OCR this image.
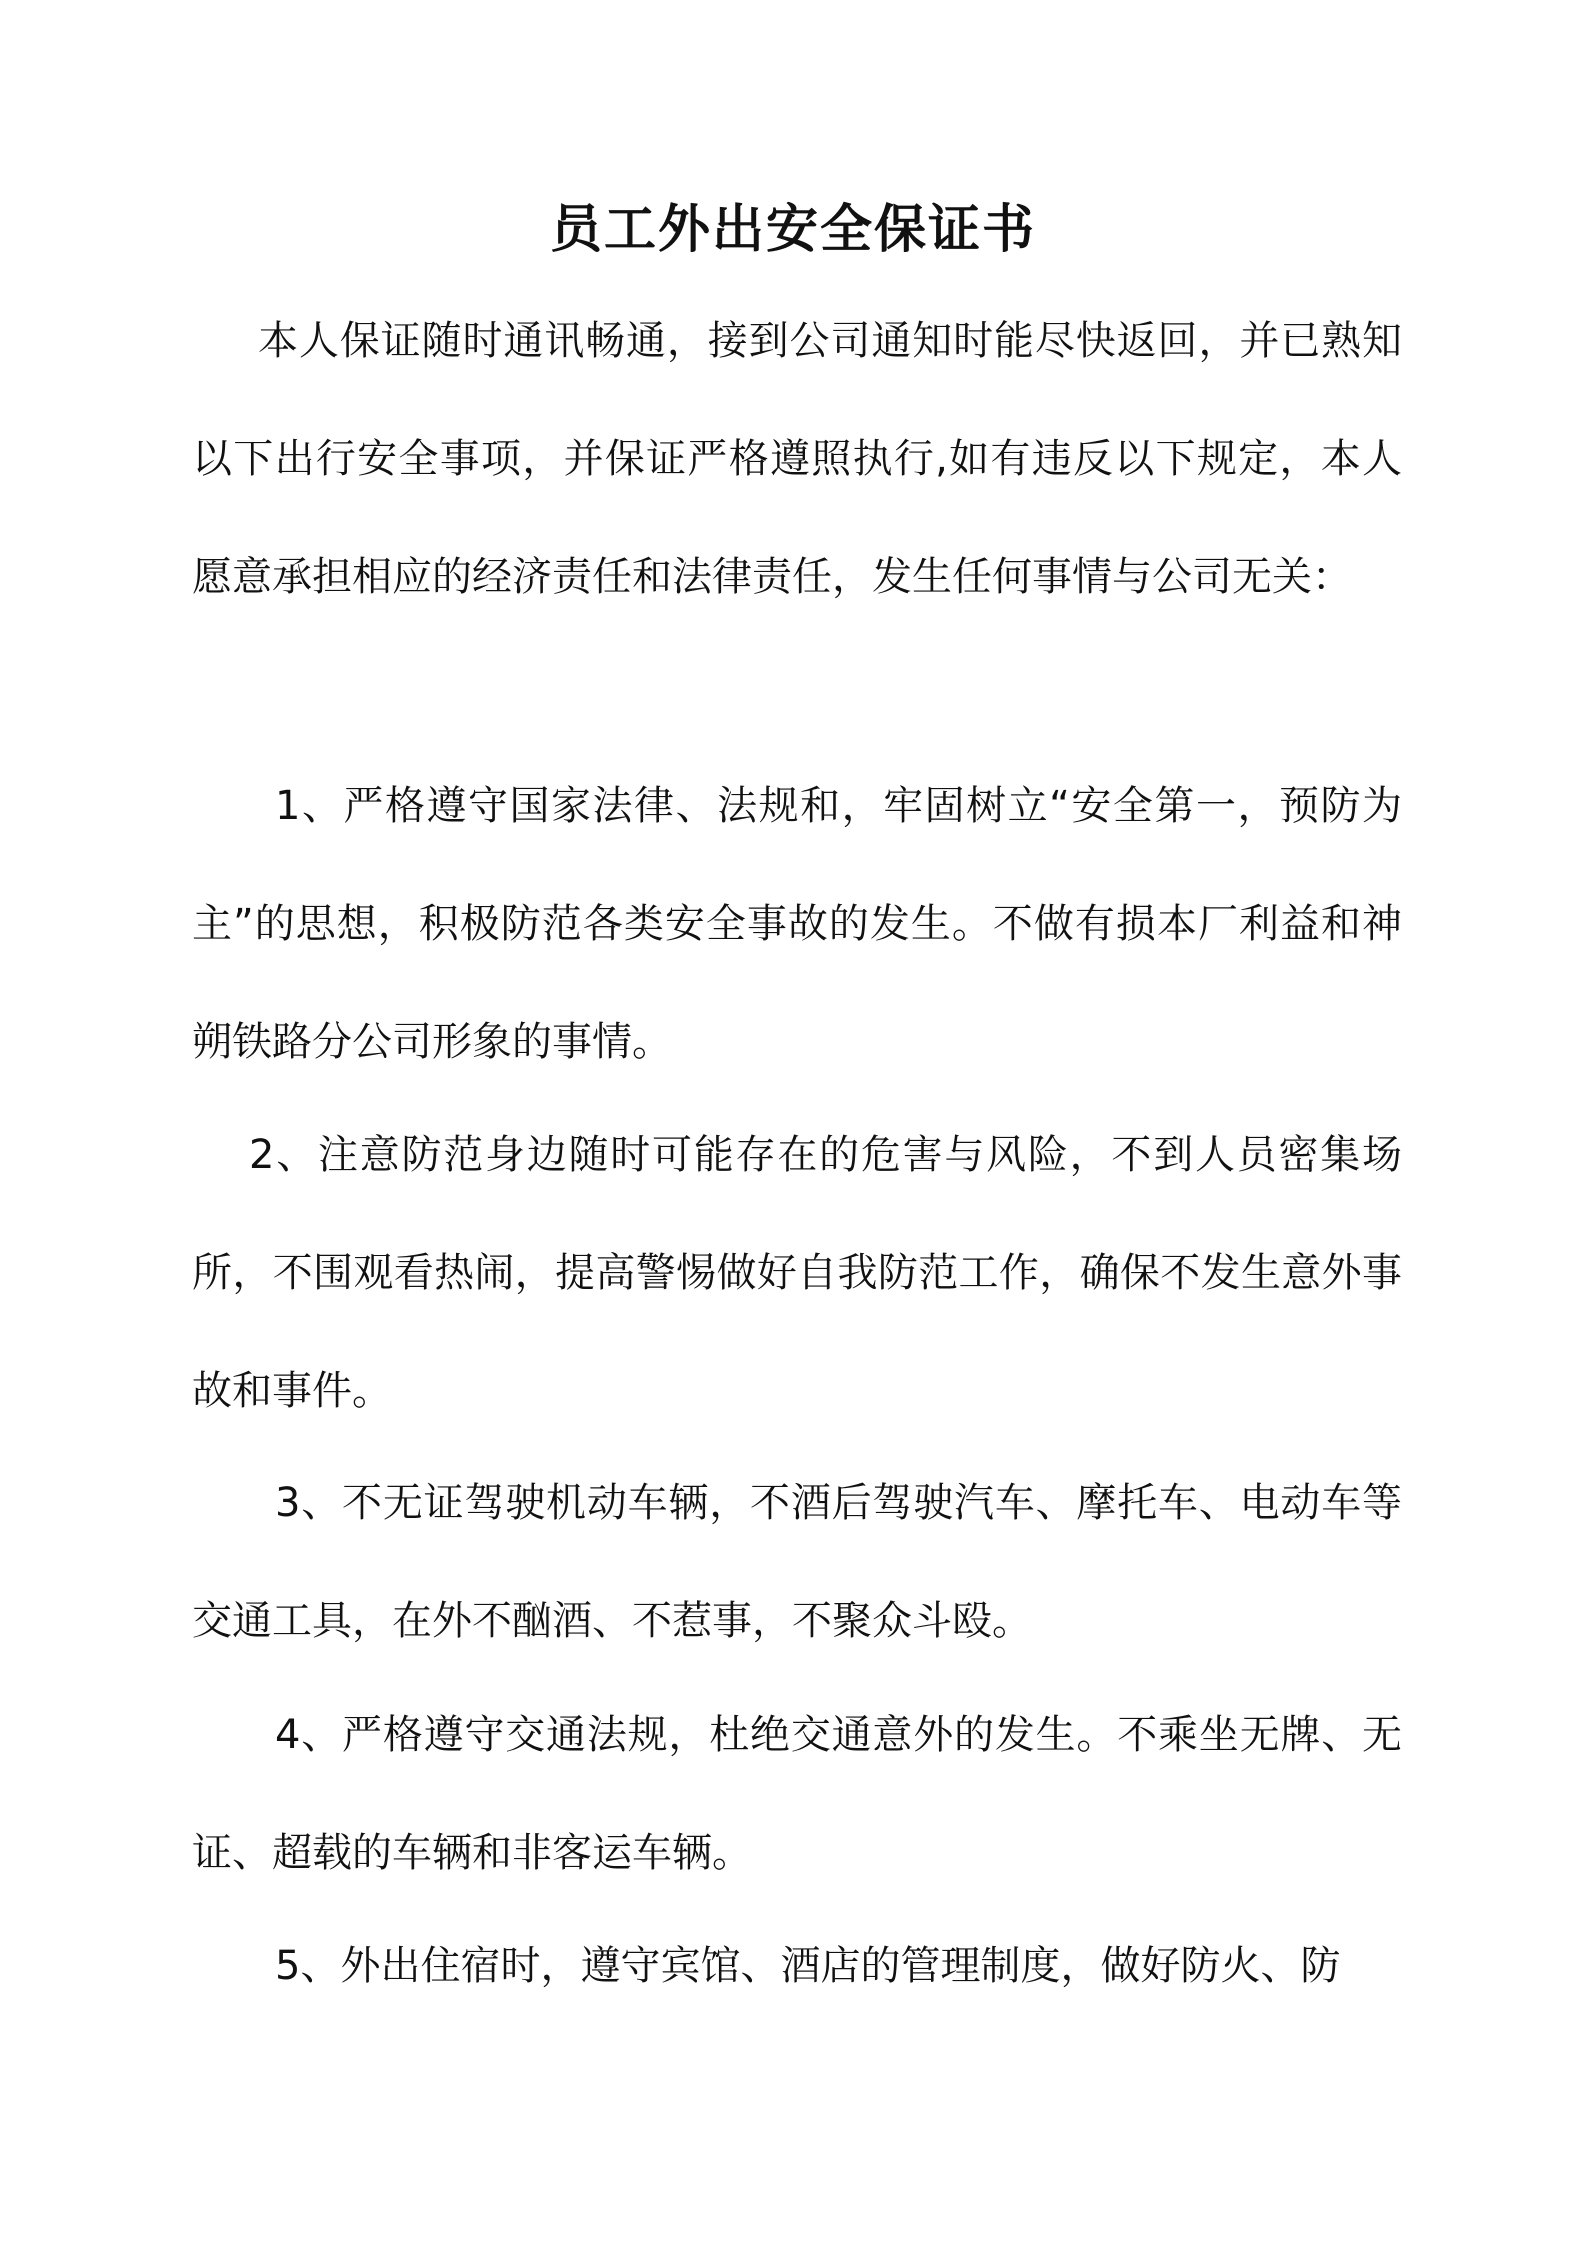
员工外出安全保证书

本人保证随时通讯畅通，接到公司通知时能尽快返回，并已熟知以下出行安全事项，并保证严格遵照执行,如有违反以下规定，本人愿意承担相应的经济责任和法律责任，发生任何事情与公司无关：

1、严格遵守国家法律、法规和，牢固树立“安全第一，预防为主”的思想，积极防范各类安全事故的发生。不做有损本厂利益和神朔铁路分公司形象的事情。

2、注意防范身边随时可能存在的危害与风险，不到人员密集场所，不围观看热闹，提高警惕做好自我防范工作，确保不发生意外事故和事件。

3、不无证驾驶机动车辆，不酒后驾驶汽车、摩托车、电动车等交通工具，在外不酗酒、不惹事，不聚众斗殴。

4、严格遵守交通法规，杜绝交通意外的发生。不乘坐无牌、无证、超载的车辆和非客运车辆。

5、外出住宿时，遵守宾馆、酒店的管理制度，做好防火、防
